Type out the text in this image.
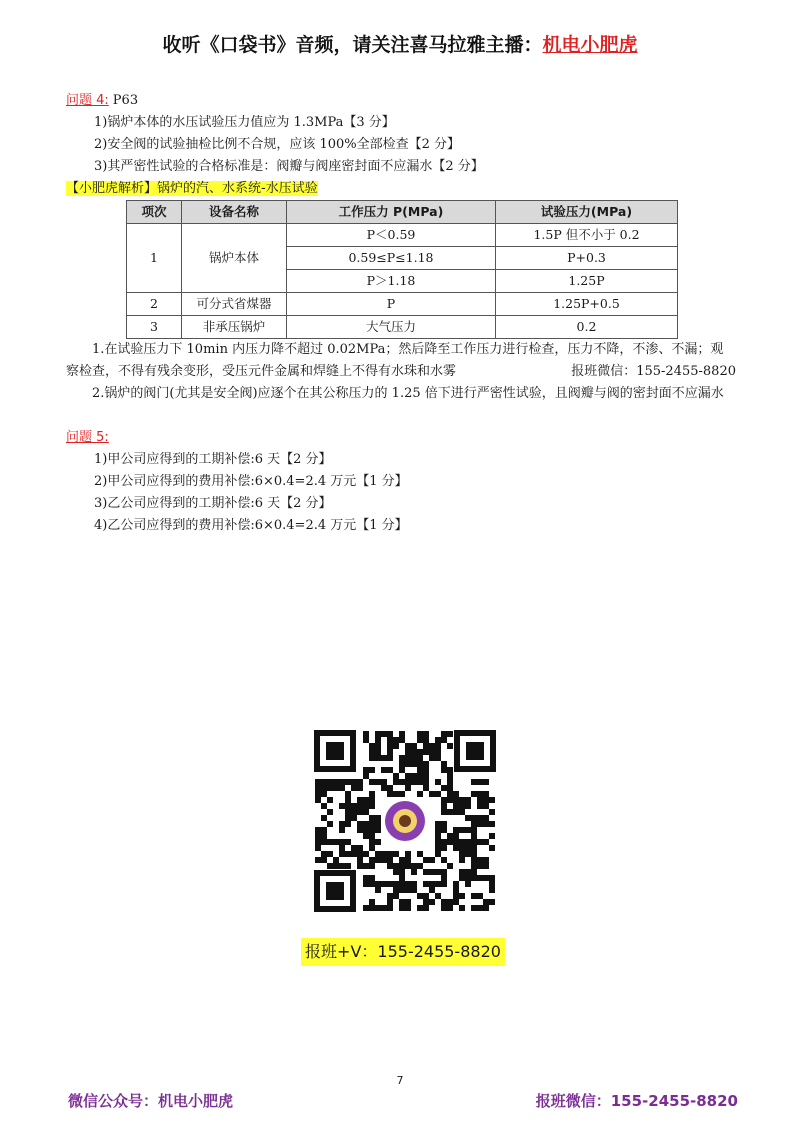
收听《口袋书》音频，请关注喜马拉雅主播：机电小肥虎
问题 4: P63
1)锅炉本体的水压试验压力值应为 1.3MPa【3 分】
2)安全阀的试验抽检比例不合规，应该 100%全部检查【2 分】
3)其严密性试验的合格标准是：阀瓣与阀座密封面不应漏水【2 分】
【小肥虎解析】锅炉的汽、水系统-水压试验
项次	设备名称	工作压力 P(MPa)	试验压力(MPa)
1	锅炉本体	P＜0.59	1.5P 但不小于 0.2
		0.59≤P≤1.18	P+0.3
		P＞1.18	1.25P
2	可分式省煤器	P	1.25P+0.5
3	非承压锅炉	大气压力	0.2
1.在试验压力下 10min 内压力降不超过 0.02MPa；然后降至工作压力进行检查，压力不降，不渗、不漏；观察检查，不得有残余变形，受压元件金属和焊缝上不得有水珠和水雾	报班微信：155-2455-8820
2.锅炉的阀门(尤其是安全阀)应逐个在其公称压力的 1.25 倍下进行严密性试验，且阀瓣与阀的密封面不应漏水
问题 5:
1)甲公司应得到的工期补偿:6 天【2 分】
2)甲公司应得到的费用补偿:6×0.4=2.4 万元【1 分】
3)乙公司应得到的工期补偿:6 天【2 分】
4)乙公司应得到的费用补偿:6×0.4=2.4 万元【1 分】
报班+V：155-2455-8820
7
微信公众号：机电小肥虎	报班微信：155-2455-8820
